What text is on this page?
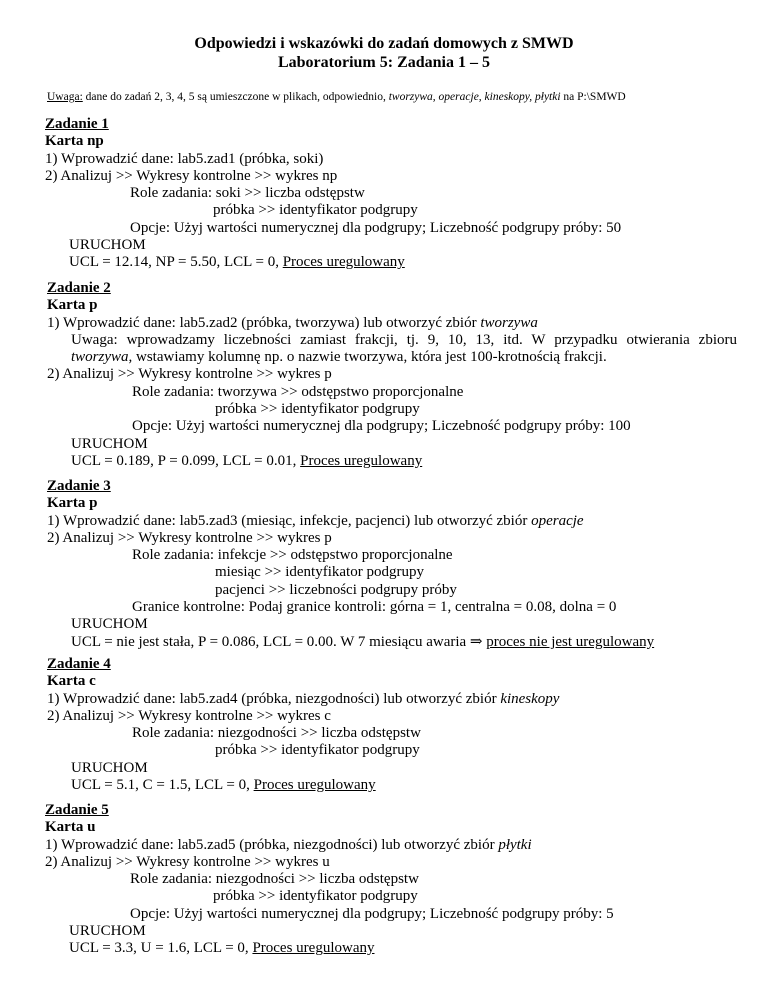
Odpowiedzi i wskazówki do zadań domowych z SMWD
Laboratorium 5: Zadania 1 – 5
Uwaga: dane do zadań 2, 3, 4, 5 są umieszczone w plikach, odpowiednio, tworzywa, operacje, kineskopy, płytki na P:\SMWD
Zadanie 1
Karta np
1) Wprowadzić dane: lab5.zad1 (próbka, soki)
2) Analizuj >> Wykresy kontrolne >> wykres np
Role zadania: soki >> liczba odstępstw
próbka >> identyfikator podgrupy
Opcje: Użyj wartości numerycznej dla podgrupy; Liczebność podgrupy próby: 50
URUCHOM
UCL = 12.14, NP = 5.50, LCL = 0, Proces uregulowany
Zadanie 2
Karta p
1) Wprowadzić dane: lab5.zad2 (próbka, tworzywa) lub otworzyć zbiór tworzywa
Uwaga: wprowadzamy liczebności zamiast frakcji, tj. 9, 10, 13, itd. W przypadku otwierania zbioru
tworzywa, wstawiamy kolumnę np. o nazwie tworzywa, która jest 100-krotnością frakcji.
2) Analizuj >> Wykresy kontrolne >> wykres p
Role zadania: tworzywa >> odstępstwo proporcjonalne
próbka >> identyfikator podgrupy
Opcje: Użyj wartości numerycznej dla podgrupy; Liczebność podgrupy próby: 100
URUCHOM
UCL = 0.189, P = 0.099, LCL = 0.01, Proces uregulowany
Zadanie 3
Karta p
1) Wprowadzić dane: lab5.zad3 (miesiąc, infekcje, pacjenci) lub otworzyć zbiór operacje
2) Analizuj >> Wykresy kontrolne >> wykres p
Role zadania: infekcje >> odstępstwo proporcjonalne
miesiąc >> identyfikator podgrupy
pacjenci >> liczebności podgrupy próby
Granice kontrolne: Podaj granice kontroli: górna = 1, centralna = 0.08, dolna = 0
URUCHOM
UCL = nie jest stała, P = 0.086, LCL = 0.00. W 7 miesiącu awaria ⇒ proces nie jest uregulowany
Zadanie 4
Karta c
1) Wprowadzić dane: lab5.zad4 (próbka, niezgodności) lub otworzyć zbiór kineskopy
2) Analizuj >> Wykresy kontrolne >> wykres c
Role zadania: niezgodności >> liczba odstępstw
próbka >> identyfikator podgrupy
URUCHOM
UCL = 5.1, C = 1.5, LCL = 0, Proces uregulowany
Zadanie 5
Karta u
1) Wprowadzić dane: lab5.zad5 (próbka, niezgodności) lub otworzyć zbiór płytki
2) Analizuj >> Wykresy kontrolne >> wykres u
Role zadania: niezgodności >> liczba odstępstw
próbka >> identyfikator podgrupy
Opcje: Użyj wartości numerycznej dla podgrupy; Liczebność podgrupy próby: 5
URUCHOM
UCL = 3.3, U = 1.6, LCL = 0, Proces uregulowany
